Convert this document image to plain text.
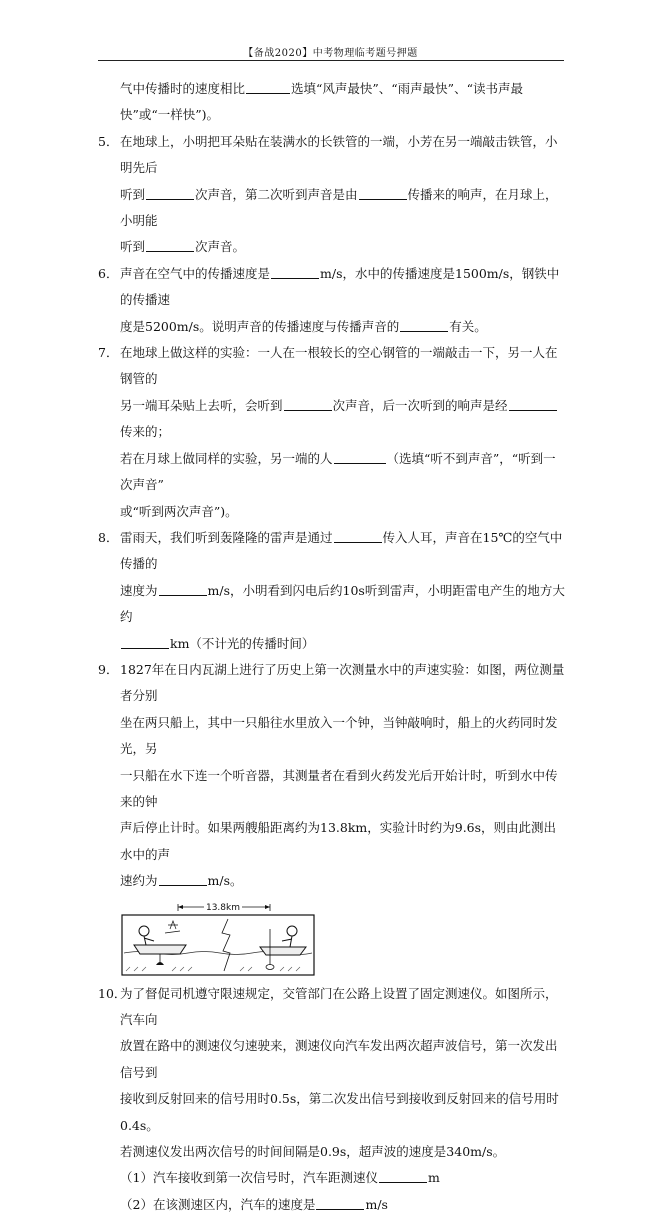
【备战2020】中考物理临考题号押题
气中传播时的速度相比	选填“风声最快”、“雨声最快”、“读书声最快”或“一样快”)。
5． 在地球上，小明把耳朵贴在装满水的长铁管的一端，小芳在另一端敲击铁管，小明先后
听到	次声音，第二次听到声音是由	传播来的响声，在月球上，小明能
听到	次声音。
6． 声音在空气中的传播速度是	m/s，水中的传播速度是1500m/s，钢铁中的传播速
度是5200m/s。说明声音的传播速度与传播声音的	有关。
7． 在地球上做这样的实验：一人在一根较长的空心钢管的一端敲击一下，另一人在钢管的
另一端耳朵贴上去听，会听到	次声音，后一次听到的响声是经传来的；
若在月球上做同样的实验，另一端的人	（选填“听不到声音”，“听到一次声音”
或“听到两次声音”)。
8． 雷雨天，我们听到轰隆隆的雷声是通过	传入人耳，声音在15℃的空气中传播的
速度为	m/s，小明看到闪电后约10s听到雷声，小明距雷电产生的地方大约
km（不计光的传播时间）
9． 1827年在日内瓦湖上进行了历史上第一次测量水中的声速实验：如图，两位测量者分别
坐在两只船上，其中一只船往水里放入一个钟，当钟敲响时，船上的火药同时发光，另
一只船在水下连一个听音器，其测量者在看到火药发光后开始计时，听到水中传来的钟
声后停止计时。如果两艘船距离约为13.8km，实验计时约为9.6s，则由此测出水中的声
速约为	m/s。
13.8km
10．
为了督促司机遵守限速规定，交管部门在公路上设置了固定测速仪。如图所示，汽车向
放置在路中的测速仪匀速驶来，测速仪向汽车发出两次超声波信号，第一次发出信号到
接收到反射回来的信号用时0.5s，第二次发出信号到接收到反射回来的信号用时0.4s。
若测速仪发出两次信号的时间间隔是0.9s，超声波的速度是340m/s。
（1）汽车接收到第一次信号时，汽车距测速仪	m
（2）在该测速区内，汽车的速度是	m/s
